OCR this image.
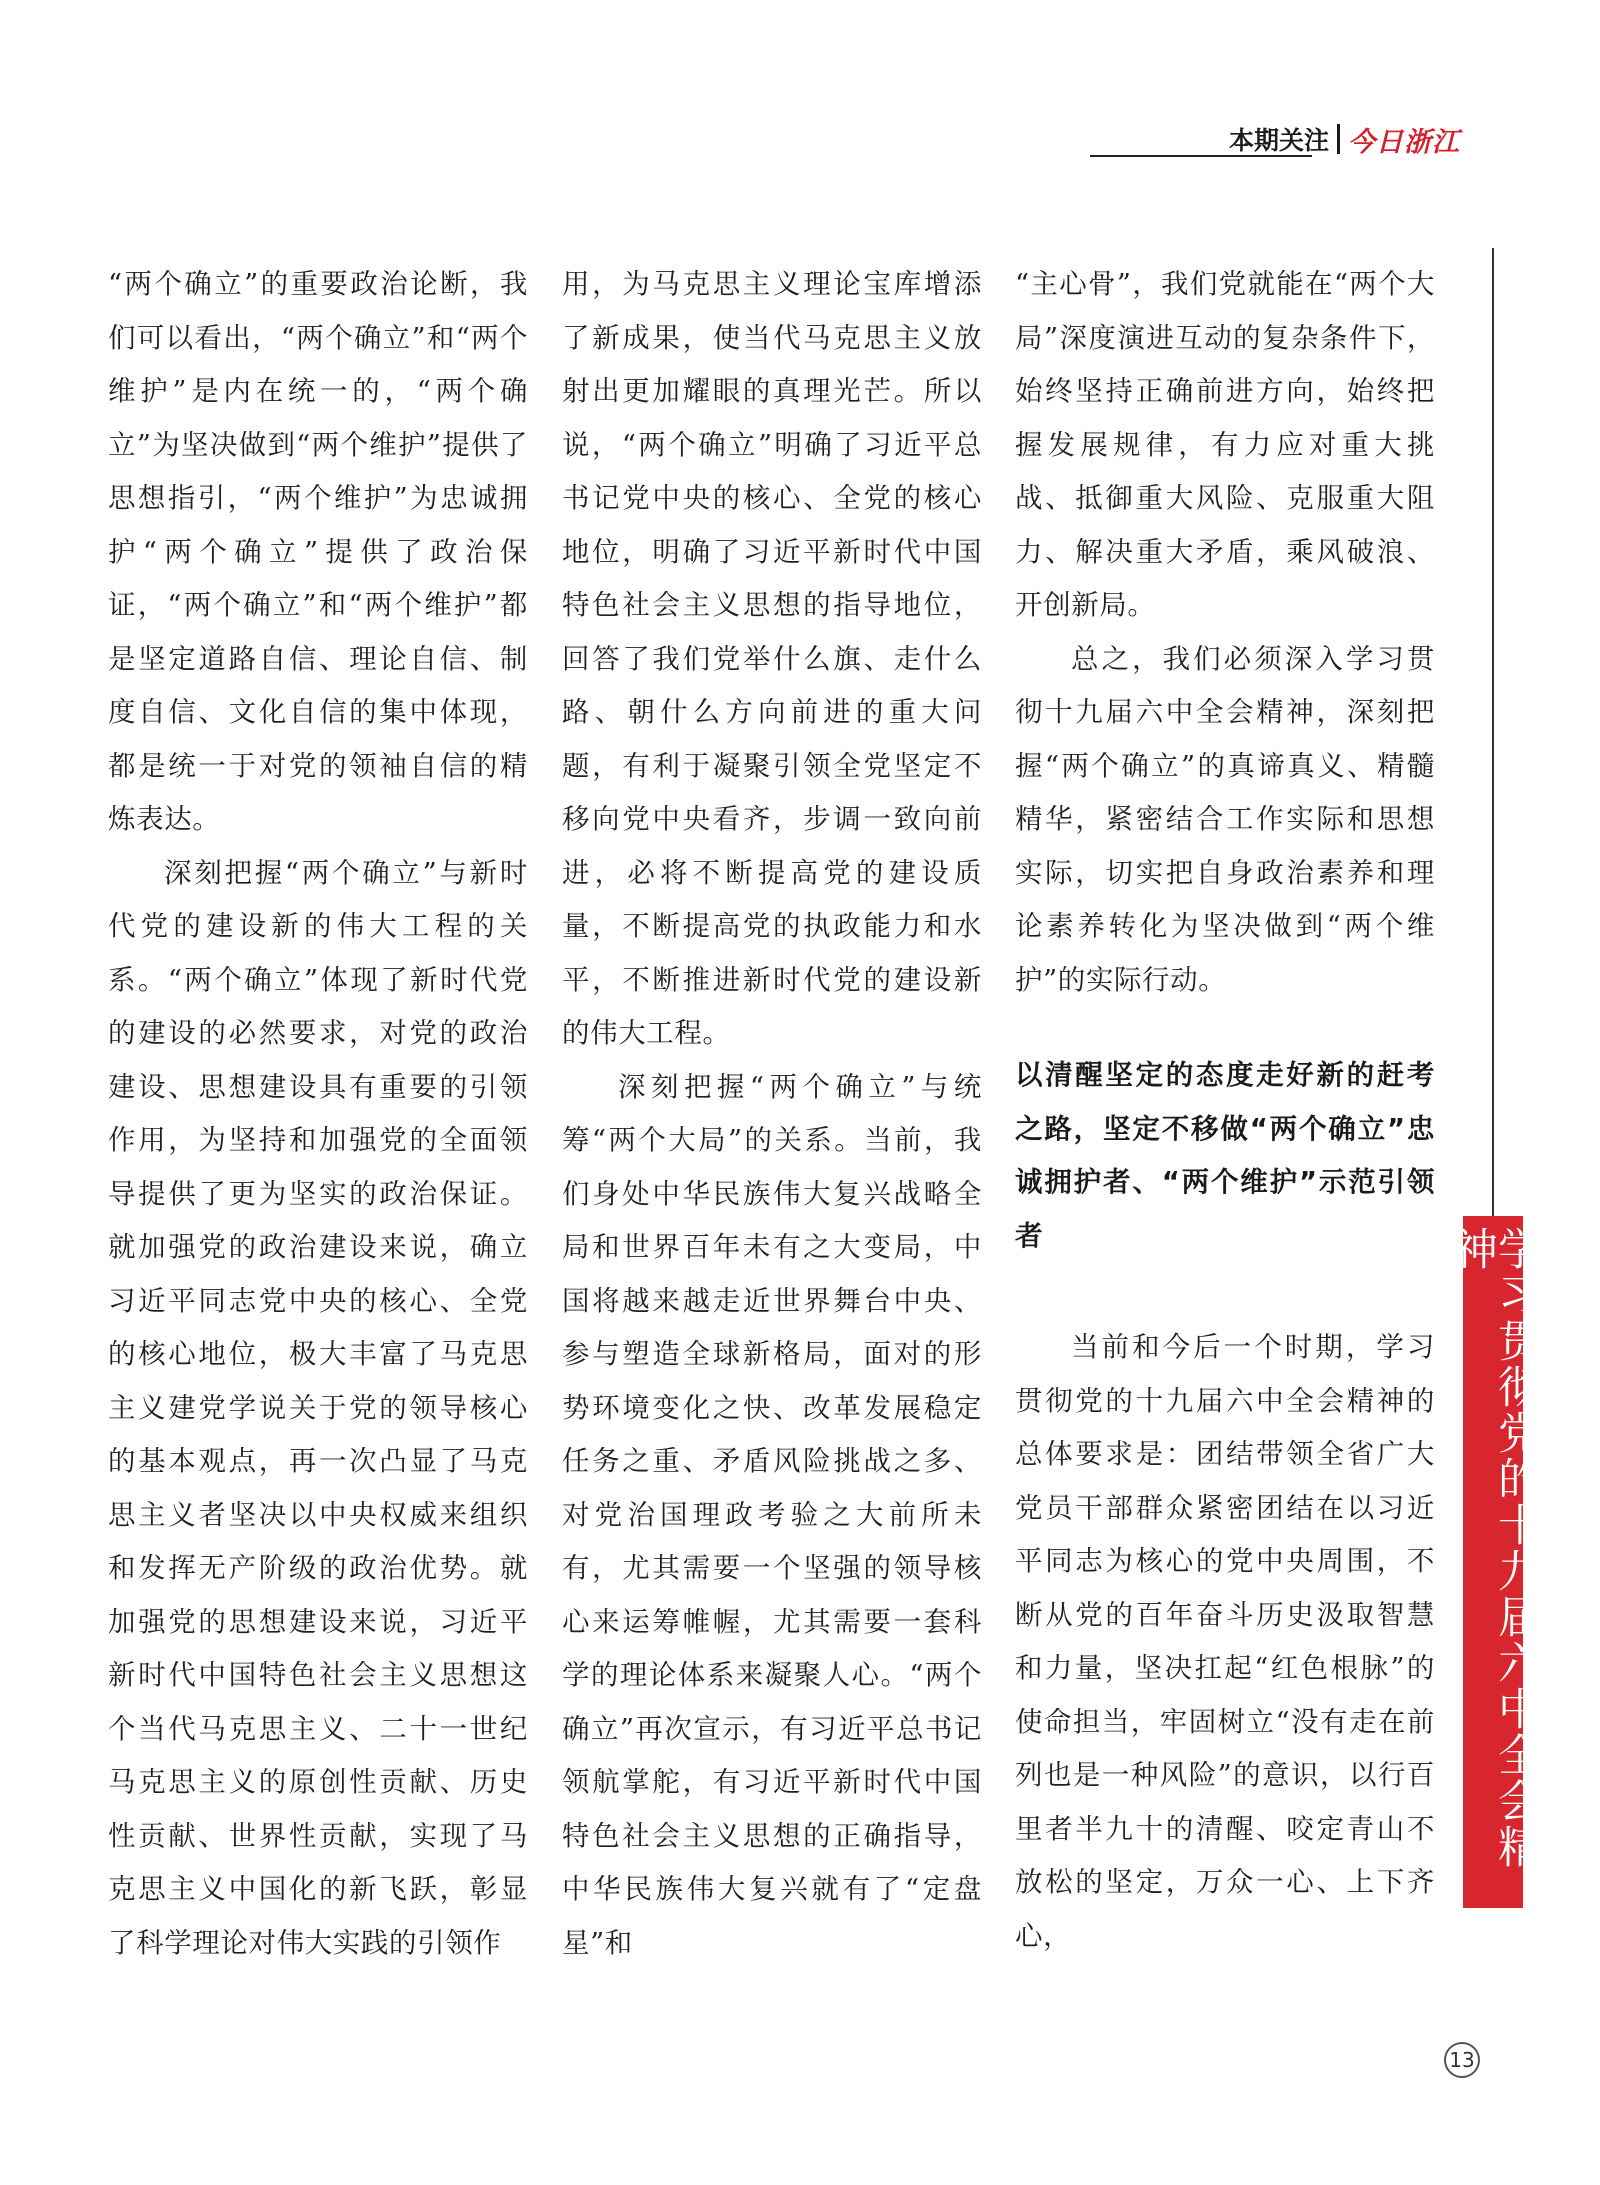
本期关注 今日浙江

“两个确立”的重要政治论断，我们可以看出，“两个确立”和“两个维护”是内在统一的，“两个确立”为坚决做到“两个维护”提供了思想指引，“两个维护”为忠诚拥护“两个确立”提供了政治保证，“两个确立”和“两个维护”都是坚定道路自信、理论自信、制度自信、文化自信的集中体现，都是统一于对党的领袖自信的精炼表达。

深刻把握“两个确立”与新时代党的建设新的伟大工程的关系。“两个确立”体现了新时代党的建设的必然要求，对党的政治建设、思想建设具有重要的引领作用，为坚持和加强党的全面领导提供了更为坚实的政治保证。就加强党的政治建设来说，确立习近平同志党中央的核心、全党的核心地位，极大丰富了马克思主义建党学说关于党的领导核心的基本观点，再一次凸显了马克思主义者坚决以中央权威来组织和发挥无产阶级的政治优势。就加强党的思想建设来说，习近平新时代中国特色社会主义思想这个当代马克思主义、二十一世纪马克思主义的原创性贡献、历史性贡献、世界性贡献，实现了马克思主义中国化的新飞跃，彰显了科学理论对伟大实践的引领作

用，为马克思主义理论宝库增添了新成果，使当代马克思主义放射出更加耀眼的真理光芒。所以说，“两个确立”明确了习近平总书记党中央的核心、全党的核心地位，明确了习近平新时代中国特色社会主义思想的指导地位，回答了我们党举什么旗、走什么路、朝什么方向前进的重大问题，有利于凝聚引领全党坚定不移向党中央看齐，步调一致向前进，必将不断提高党的建设质量，不断提高党的执政能力和水平，不断推进新时代党的建设新的伟大工程。

深刻把握“两个确立”与统筹“两个大局”的关系。当前，我们身处中华民族伟大复兴战略全局和世界百年未有之大变局，中国将越来越走近世界舞台中央、参与塑造全球新格局，面对的形势环境变化之快、改革发展稳定任务之重、矛盾风险挑战之多、对党治国理政考验之大前所未有，尤其需要一个坚强的领导核心来运筹帷幄，尤其需要一套科学的理论体系来凝聚人心。“两个确立”再次宣示，有习近平总书记领航掌舵，有习近平新时代中国特色社会主义思想的正确指导，中华民族伟大复兴就有了“定盘星”和

“主心骨”，我们党就能在“两个大局”深度演进互动的复杂条件下，始终坚持正确前进方向，始终把握发展规律，有力应对重大挑战、抵御重大风险、克服重大阻力、解决重大矛盾，乘风破浪、开创新局。

总之，我们必须深入学习贯彻十九届六中全会精神，深刻把握“两个确立”的真谛真义、精髓精华，紧密结合工作实际和思想实际，切实把自身政治素养和理论素养转化为坚决做到“两个维护”的实际行动。

以清醒坚定的态度走好新的赶考之路，坚定不移做“两个确立”忠诚拥护者、“两个维护”示范引领者

当前和今后一个时期，学习贯彻党的十九届六中全会精神的总体要求是：团结带领全省广大党员干部群众紧密团结在以习近平同志为核心的党中央周围，不断从党的百年奋斗历史汲取智慧和力量，坚决扛起“红色根脉”的使命担当，牢固树立“没有走在前列也是一种风险”的意识，以行百里者半九十的清醒、咬定青山不放松的坚定，万众一心、上下齐心，

学习贯彻党的十九届六中全会精神
13
